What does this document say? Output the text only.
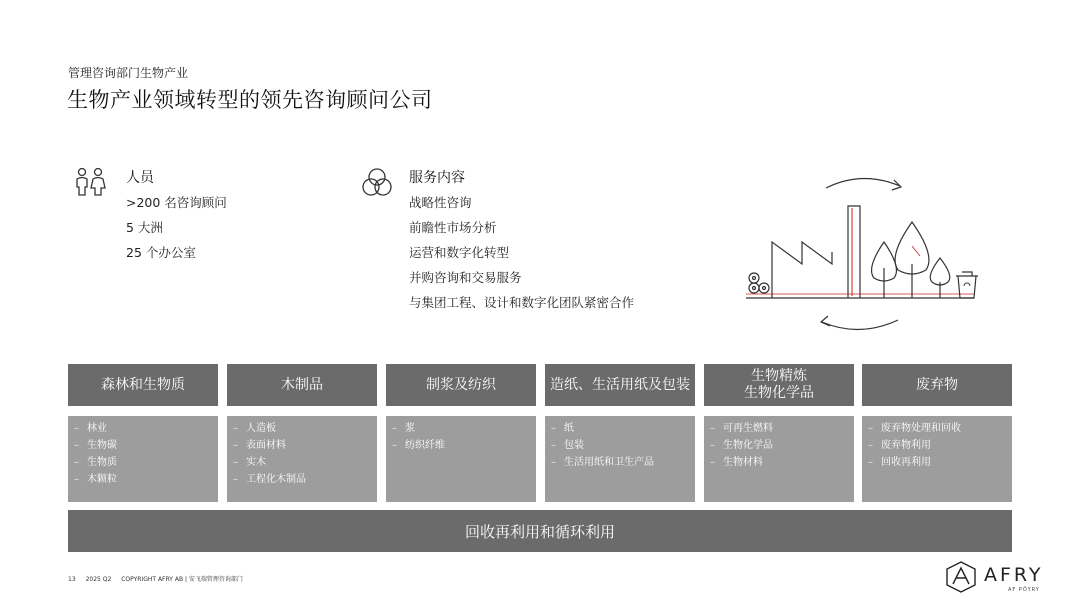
管理咨询部门生物产业
生物产业领域转型的领先咨询顾问公司
人员
>200 名咨询顾问
5 大洲
25 个办公室
服务内容
战略性咨询
前瞻性市场分析
运营和数字化转型
并购咨询和交易服务
与集团工程、设计和数字化团队紧密合作
森林和生物质
– 林业
– 生物碳
– 生物质
– 木颗粒
木制品
– 人造板
– 表面材料
– 实木
– 工程化木制品
制浆及纺织
– 浆
– 纺织纤维
造纸、生活用纸及包装
– 纸
– 包装
– 生活用纸和卫生产品
生物精炼
生物化学品
– 可再生燃料
– 生物化学品
– 生物材料
废弃物
– 废弃物处理和回收
– 废弃物利用
– 回收再利用
回收再利用和循环利用
13 2025 Q2 COPYRIGHT AFRY AB | 安飞瑞管理咨询部门	AFRY
AF PÖYRY
